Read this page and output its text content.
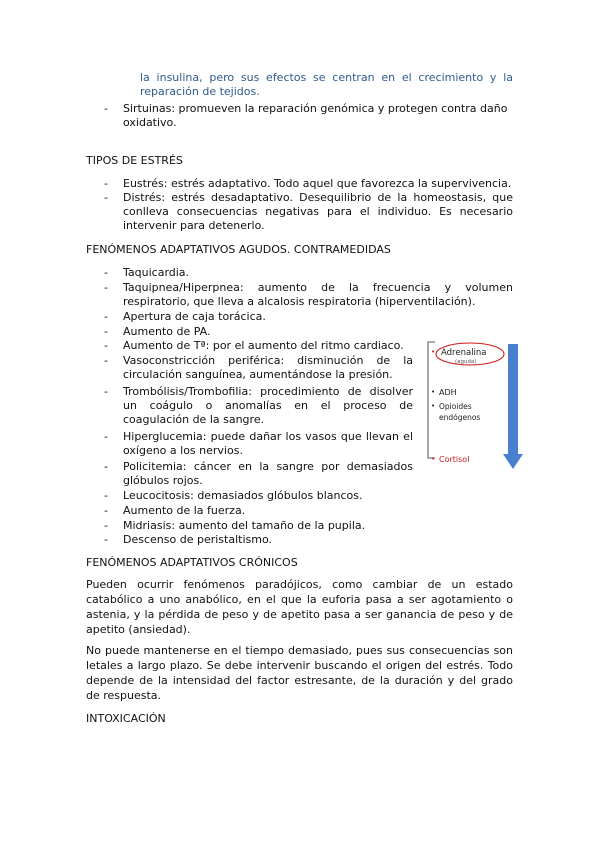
la insulina, pero sus efectos se centran en el crecimiento y la
reparación de tejidos.
- Sirtuinas: promueven la reparación genómica y protegen contra daño
oxidativo.
TIPOS DE ESTRÉS
- Eustrés: estrés adaptativo. Todo aquel que favorezca la supervivencia.
- Distrés: estrés desadaptativo. Desequilibrio de la homeostasis, que
conlleva consecuencias negativas para el individuo. Es necesario
intervenir para detenerlo.
FENÓMENOS ADAPTATIVOS AGUDOS. CONTRAMEDIDAS
- Taquicardia.
- Taquipnea/Hiperpnea: aumento de la frecuencia y volumen
respiratorio, que lleva a alcalosis respiratoria (hiperventilación).
- Apertura de caja torácica.
- Aumento de PA.
- Aumento de Tª: por el aumento del ritmo cardiaco.
- Vasoconstricción periférica: disminución de la
circulación sanguínea, aumentándose la presión.
- Trombólisis/Trombofilia: procedimiento de disolver
un coágulo o anomalías en el proceso de
coagulación de la sangre.
- Hiperglucemia: puede dañar los vasos que llevan el
oxígeno a los nervios.
- Policitemia: cáncer en la sangre por demasiados
glóbulos rojos.
- Leucocitosis: demasiados glóbulos blancos.
- Aumento de la fuerza.
- Midriasis: aumento del tamaño de la pupila.
- Descenso de peristaltismo.
• Adrenalina
(aguda)
• ADH
• Opioides
endógenos
• Cortisol
FENÓMENOS ADAPTATIVOS CRÓNICOS
Pueden ocurrir fenómenos paradójicos, como cambiar de un estado
catabólico a uno anabólico, en el que la euforia pasa a ser agotamiento o
astenia, y la pérdida de peso y de apetito pasa a ser ganancia de peso y de
apetito (ansiedad).
No puede mantenerse en el tiempo demasiado, pues sus consecuencias son
letales a largo plazo. Se debe intervenir buscando el origen del estrés. Todo
depende de la intensidad del factor estresante, de la duración y del grado
de respuesta.
INTOXICACIÓN
